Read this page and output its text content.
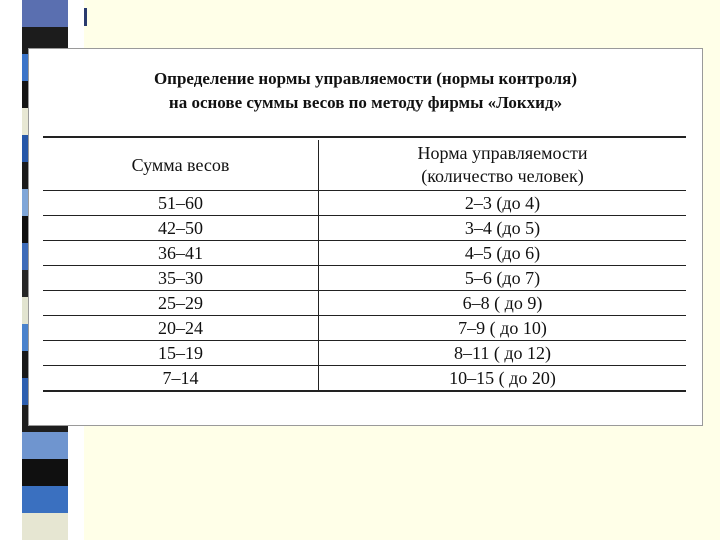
Определение нормы управляемости (нормы контроля)
на основе суммы весов по методу фирмы «Локхид»
Сумма весов	Норма управляемости
(количество человек)

51–60	2–3 (до 4)
42–50	3–4 (до 5)
36–41	4–5 (до 6)
35–30	5–6 (до 7)
25–29	6–8 ( до 9)
20–24	7–9 ( до 10)
15–19	8–11 ( до 12)
7–14	10–15 ( до 20)
